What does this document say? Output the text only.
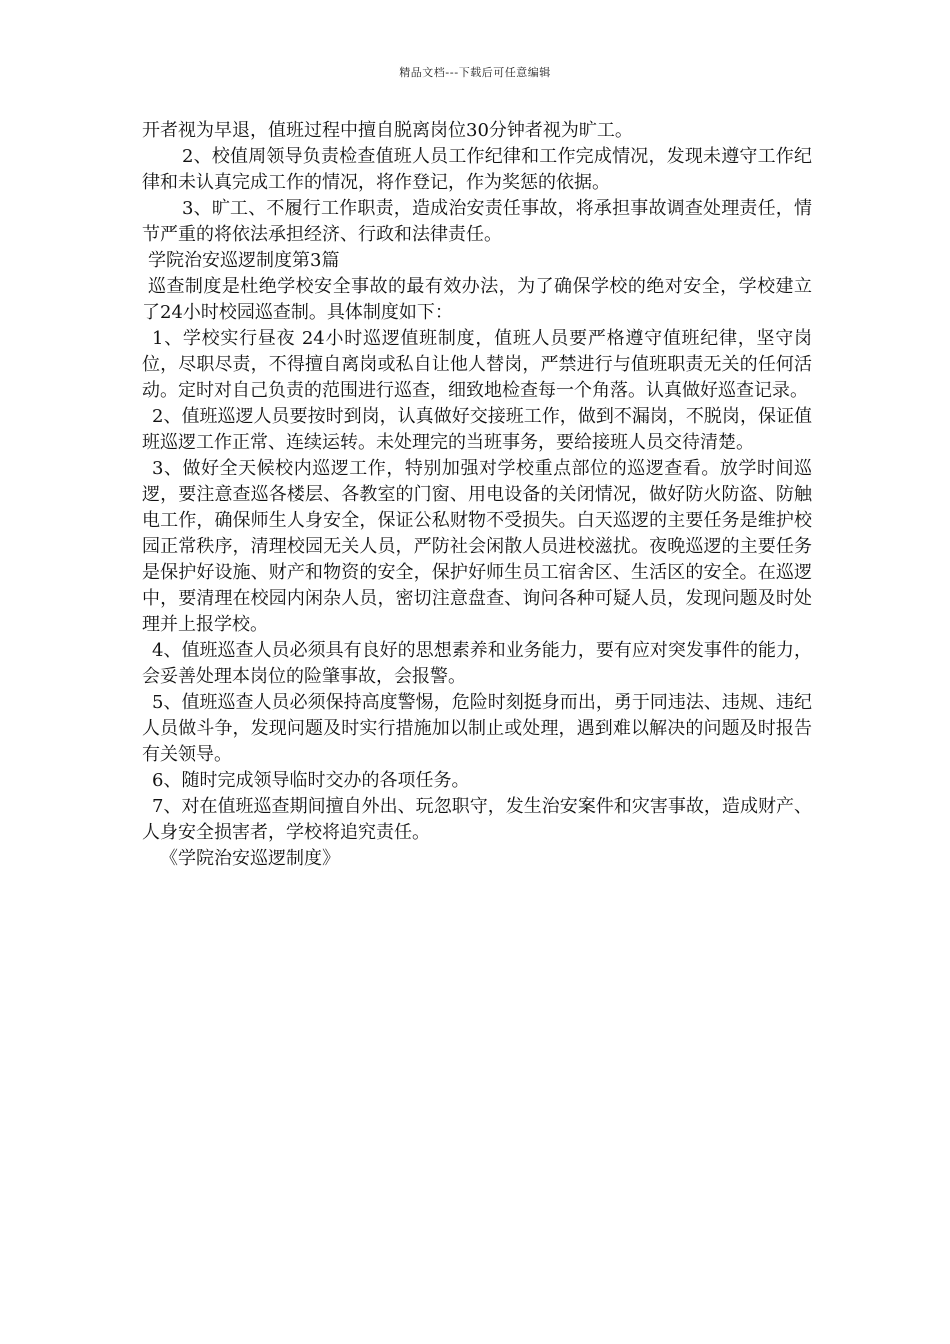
精品文档---下载后可任意编辑

开者视为早退，值班过程中擅自脱离岗位30分钟者视为旷工。

2、校值周领导负责检查值班人员工作纪律和工作完成情况，发现未遵守工作纪律和未认真完成工作的情况，将作登记，作为奖惩的依据。

3、旷工、不履行工作职责，造成治安责任事故，将承担事故调查处理责任，情节严重的将依法承担经济、行政和法律责任。

学院治安巡逻制度第3篇

巡查制度是杜绝学校安全事故的最有效办法，为了确保学校的绝对安全，学校建立了24小时校园巡查制。具体制度如下：

1、学校实行昼夜 24小时巡逻值班制度，值班人员要严格遵守值班纪律，坚守岗位，尽职尽责，不得擅自离岗或私自让他人替岗，严禁进行与值班职责无关的任何活动。定时对自己负责的范围进行巡查，细致地检查每一个角落。认真做好巡查记录。

2、值班巡逻人员要按时到岗，认真做好交接班工作，做到不漏岗，不脱岗，保证值班巡逻工作正常、连续运转。未处理完的当班事务，要给接班人员交待清楚。

3、做好全天候校内巡逻工作，特别加强对学校重点部位的巡逻查看。放学时间巡逻，要注意查巡各楼层、各教室的门窗、用电设备的关闭情况，做好防火防盗、防触电工作，确保师生人身安全，保证公私财物不受损失。白天巡逻的主要任务是维护校园正常秩序，清理校园无关人员，严防社会闲散人员进校滋扰。夜晚巡逻的主要任务是保护好设施、财产和物资的安全，保护好师生员工宿舍区、生活区的安全。在巡逻中，要清理在校园内闲杂人员，密切注意盘查、询问各种可疑人员，发现问题及时处理并上报学校。

4、值班巡查人员必须具有良好的思想素养和业务能力，要有应对突发事件的能力，会妥善处理本岗位的险肇事故，会报警。

5、值班巡查人员必须保持高度警惕，危险时刻挺身而出，勇于同违法、违规、违纪人员做斗争，发现问题及时实行措施加以制止或处理，遇到难以解决的问题及时报告有关领导。

6、随时完成领导临时交办的各项任务。

7、对在值班巡查期间擅自外出、玩忽职守，发生治安案件和灾害事故，造成财产、人身安全损害者，学校将追究责任。

《学院治安巡逻制度》
